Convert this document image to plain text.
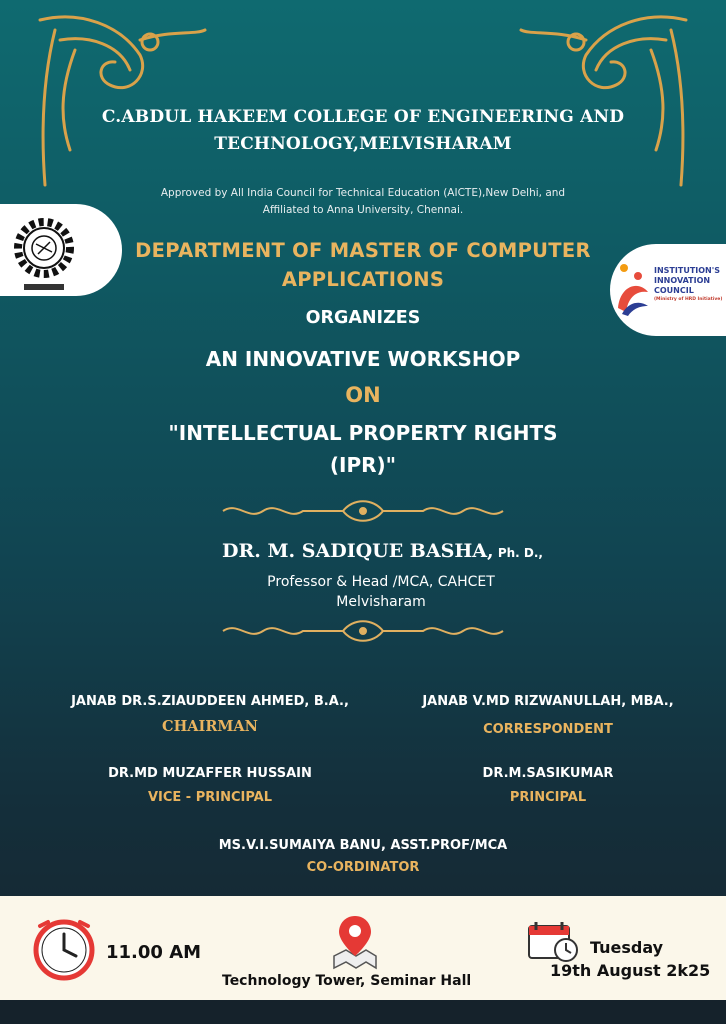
C.ABDUL HAKEEM COLLEGE OF ENGINEERING AND
TECHNOLOGY,MELVISHARAM
Approved by All India Council for Technical Education (AICTE),New Delhi, and
Affiliated to Anna University, Chennai.
INSTITUTION'S
INNOVATION
COUNCIL
(Ministry of HRD Initiative)
DEPARTMENT OF MASTER OF COMPUTER
APPLICATIONS
ORGANIZES
AN INNOVATIVE WORKSHOP
ON
"INTELLECTUAL PROPERTY RIGHTS
(IPR)"
DR. M. SADIQUE BASHA, Ph. D.,
Professor & Head /MCA, CAHCET
Melvisharam
JANAB DR.S.ZIAUDDEEN AHMED, B.A.,
CHAIRMAN
JANAB V.MD RIZWANULLAH, MBA.,
CORRESPONDENT
DR.MD MUZAFFER HUSSAIN
VICE - PRINCIPAL
DR.M.SASIKUMAR
PRINCIPAL
MS.V.I.SUMAIYA BANU, ASST.PROF/MCA
CO-ORDINATOR
11.00 AM
Technology Tower, Seminar Hall
Tuesday
19th August 2k25
